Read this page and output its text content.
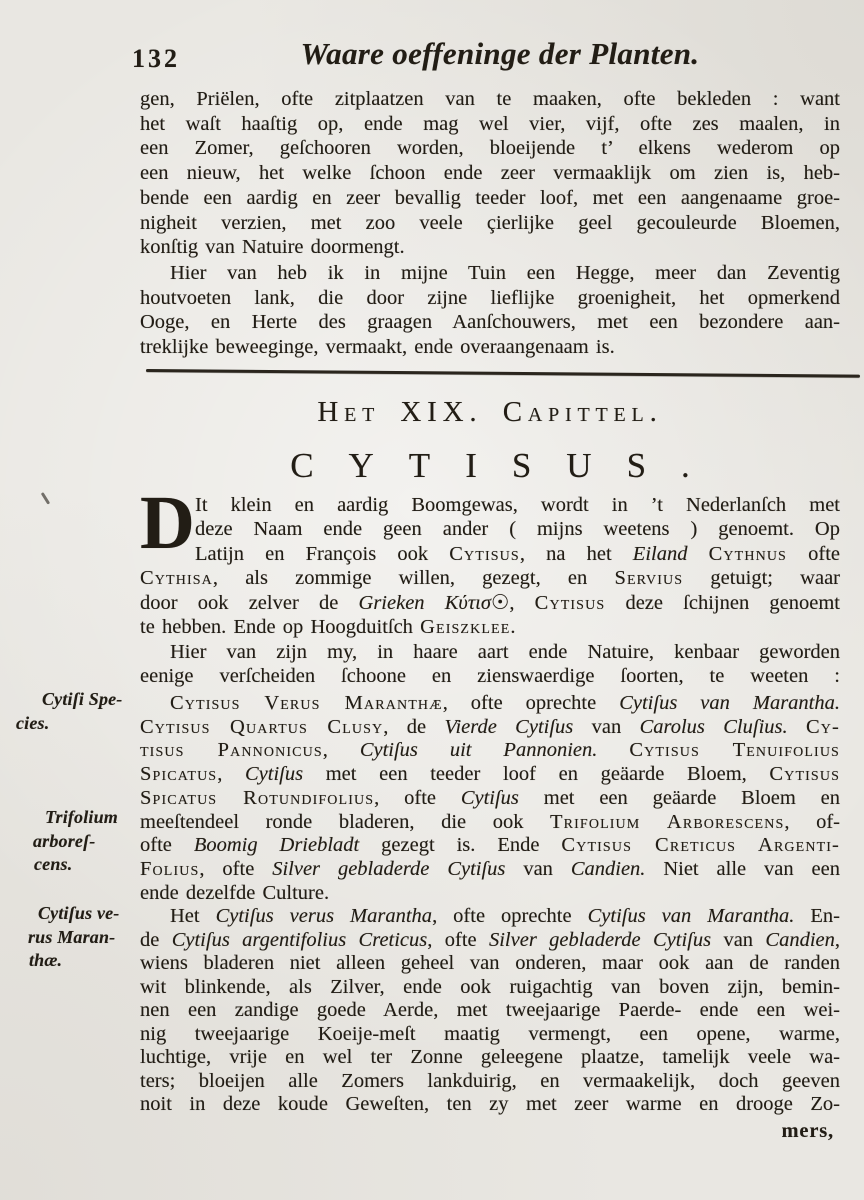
132	Waare oeffeninge der Planten.
gen, Priëlen, ofte zitplaatzen van te maaken, ofte bekleden : want
het waſt haaſtig op, ende mag wel vier, vijf, ofte zes maalen, in
een Zomer, geſchooren worden, bloeijende t’ elkens wederom op
een nieuw, het welke ſchoon ende zeer vermaaklijk om zien is, heb-
bende een aardig en zeer bevallig teeder loof, met een aangenaame groe-
nigheit verzien, met zoo veele çierlijke geel gecouleurde Bloemen,
konſtig van Natuire doormengt.
Hier van heb ik in mijne Tuin een Hegge, meer dan Zeventig
houtvoeten lank, die door zijne lieflijke groenigheit, het opmerkend
Ooge, en Herte des graagen Aanſchouwers, met een bezondere aan-
treklijke beweeginge, vermaakt, ende overaangenaam is.
Het XIX. Capittel.
CYTISUS.
D It klein en aardig Boomgewas, wordt in ’t Nederlanſch met
deze Naam ende geen ander ( mijns weetens ) genoemt. Op
Latijn en François ook Cytisus, na het Eiland Cythnus ofte
Cythisa, als zommige willen, gezegt, en Servius getuigt; waar
door ook zelver de Grieken Κύτισ☉, Cytisus deze ſchijnen genoemt
te hebben. Ende op Hoogduitſch Geiszklee.
Hier van zijn my, in haare aart ende Natuire, kenbaar geworden
eenige verſcheiden ſchoone en zienswaerdige ſoorten, te weeten :
Cytisus Verus Maranthæ, ofte oprechte Cytiſus van Marantha.
Cytisus Quartus Clusy, de Vierde Cytiſus van Carolus Cluſius. Cy-
tisus Pannonicus, Cytiſus uit Pannonien. Cytisus Tenuifolius
Spicatus, Cytiſus met een teeder loof en geäarde Bloem, Cytisus
Spicatus Rotundifolius, ofte Cytiſus met een geäarde Bloem en
meeſtendeel ronde bladeren, die ook Trifolium Arborescens, of-
ofte Boomig Driebladt gezegt is. Ende Cytisus Creticus Argenti-
Folius, ofte Silver gebladerde Cytiſus van Candien. Niet alle van een
ende dezelfde Culture.
Het Cytiſus verus Marantha, ofte oprechte Cytiſus van Marantha. En-
de Cytiſus argentifolius Creticus, ofte Silver gebladerde Cytiſus van Candien,
wiens bladeren niet alleen geheel van onderen, maar ook aan de randen
wit blinkende, als Zilver, ende ook ruigachtig van boven zijn, bemin-
nen een zandige goede Aerde, met tweejaarige Paerde- ende een wei-
nig tweejaarige Koeije-meſt maatig vermengt, een opene, warme,
luchtige, vrije en wel ter Zonne geleegene plaatze, tamelijk veele wa-
ters; bloeijen alle Zomers lankduirig, en vermaakelijk, doch geeven
noit in deze koude Geweſten, ten zy met zeer warme en drooge Zo-
Cytiſi Spe-
cies.
Trifolium
arboreſ-
cens.
Cytiſus ve-
rus Maran-
thæ.
mers,
